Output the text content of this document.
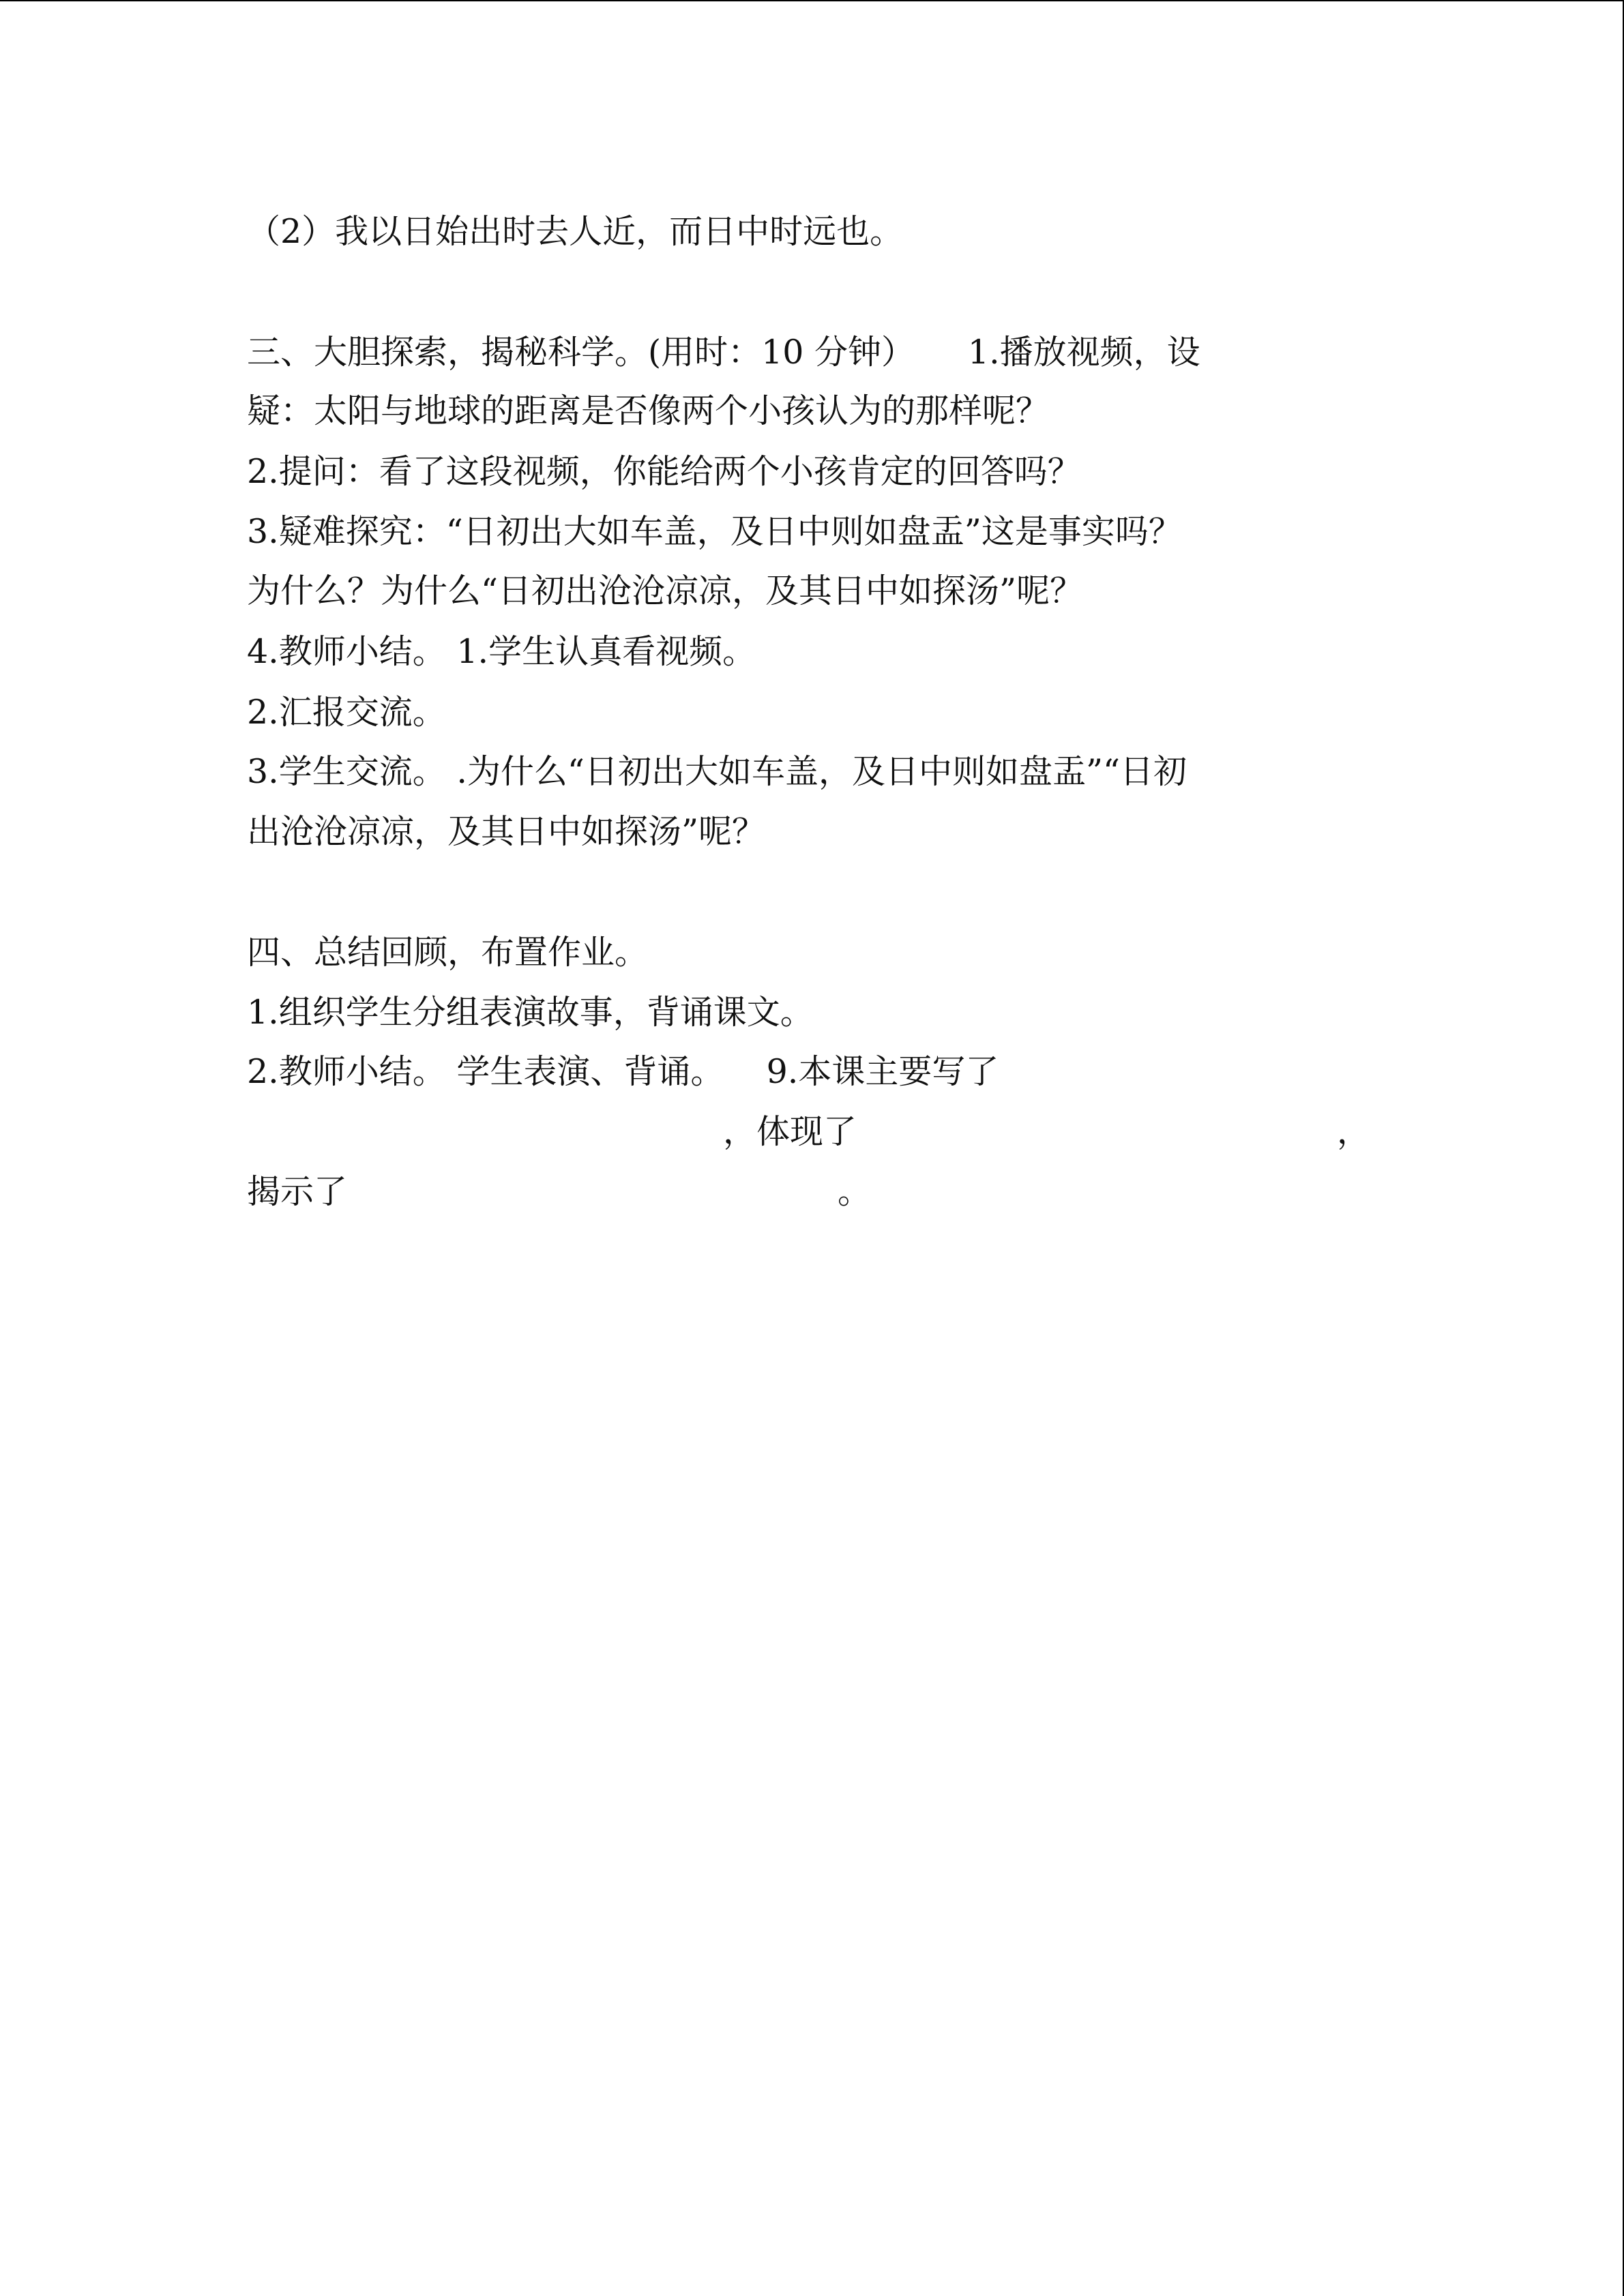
（2）我以日始出时去人近，而日中时远也。
三、大胆探索，揭秘科学。(用时：10 分钟）     1.播放视频，设
疑：太阳与地球的距离是否像两个小孩认为的那样呢？
2.提问：看了这段视频，你能给两个小孩肯定的回答吗？
3.疑难探究：“日初出大如车盖，及日中则如盘盂”这是事实吗？
为什么？为什么“日初出沧沧凉凉，及其日中如探汤”呢？
4.教师小结。 1.学生认真看视频。
2.汇报交流。
3.学生交流。 .为什么“日初出大如车盖，及日中则如盘盂”“日初
出沧沧凉凉，及其日中如探汤”呢？
四、总结回顾，布置作业。
1.组织学生分组表演故事，背诵课文。
2.教师小结。 学生表演、背诵。    9.本课主要写了
，体现了	，
揭示了	。
